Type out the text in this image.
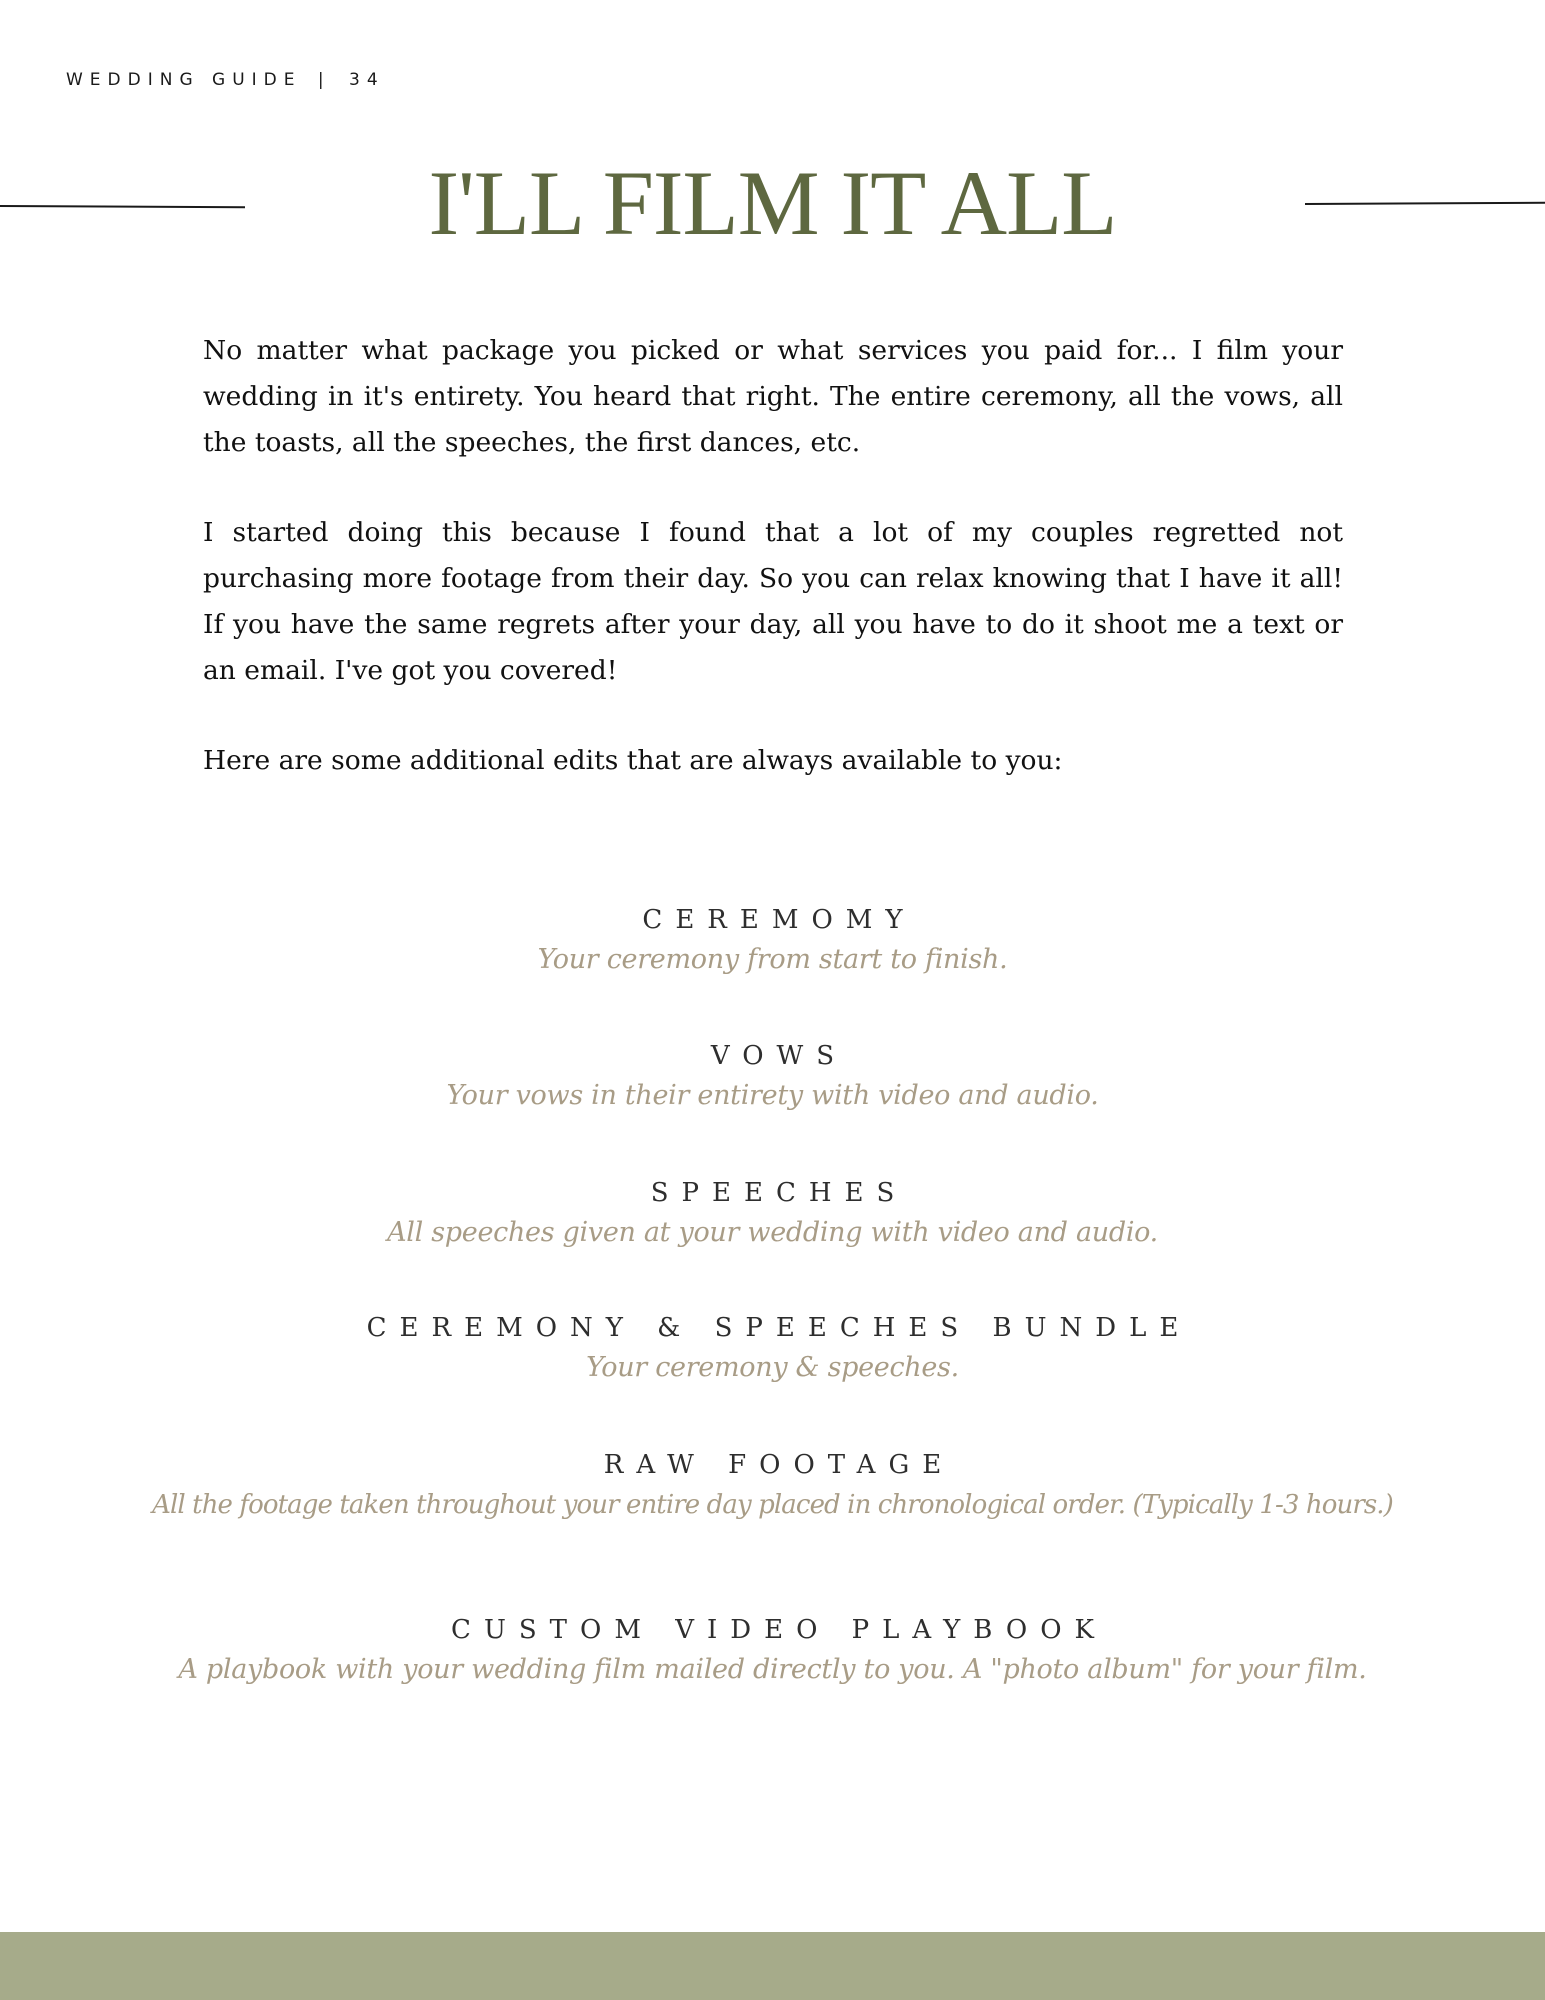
WEDDING GUIDE | 34
I'LL FILM IT ALL

No matter what package you picked or what services you paid for... I film your wedding in it's entirety. You heard that right. The entire ceremony, all the vows, all the toasts, all the speeches, the first dances, etc.

I started doing this because I found that a lot of my couples regretted not purchasing more footage from their day. So you can relax knowing that I have it all! If you have the same regrets after your day, all you have to do it shoot me a text or an email. I've got you covered!

Here are some additional edits that are always available to you:

CEREMOMY
Your ceremony from start to finish.
VOWS
Your vows in their entirety with video and audio.
SPEECHES
All speeches given at your wedding with video and audio.
CEREMONY & SPEECHES BUNDLE
Your ceremony & speeches.
RAW FOOTAGE
All the footage taken throughout your entire day placed in chronological order. (Typically 1-3 hours.)
CUSTOM VIDEO PLAYBOOK
A playbook with your wedding film mailed directly to you. A "photo album" for your film.
